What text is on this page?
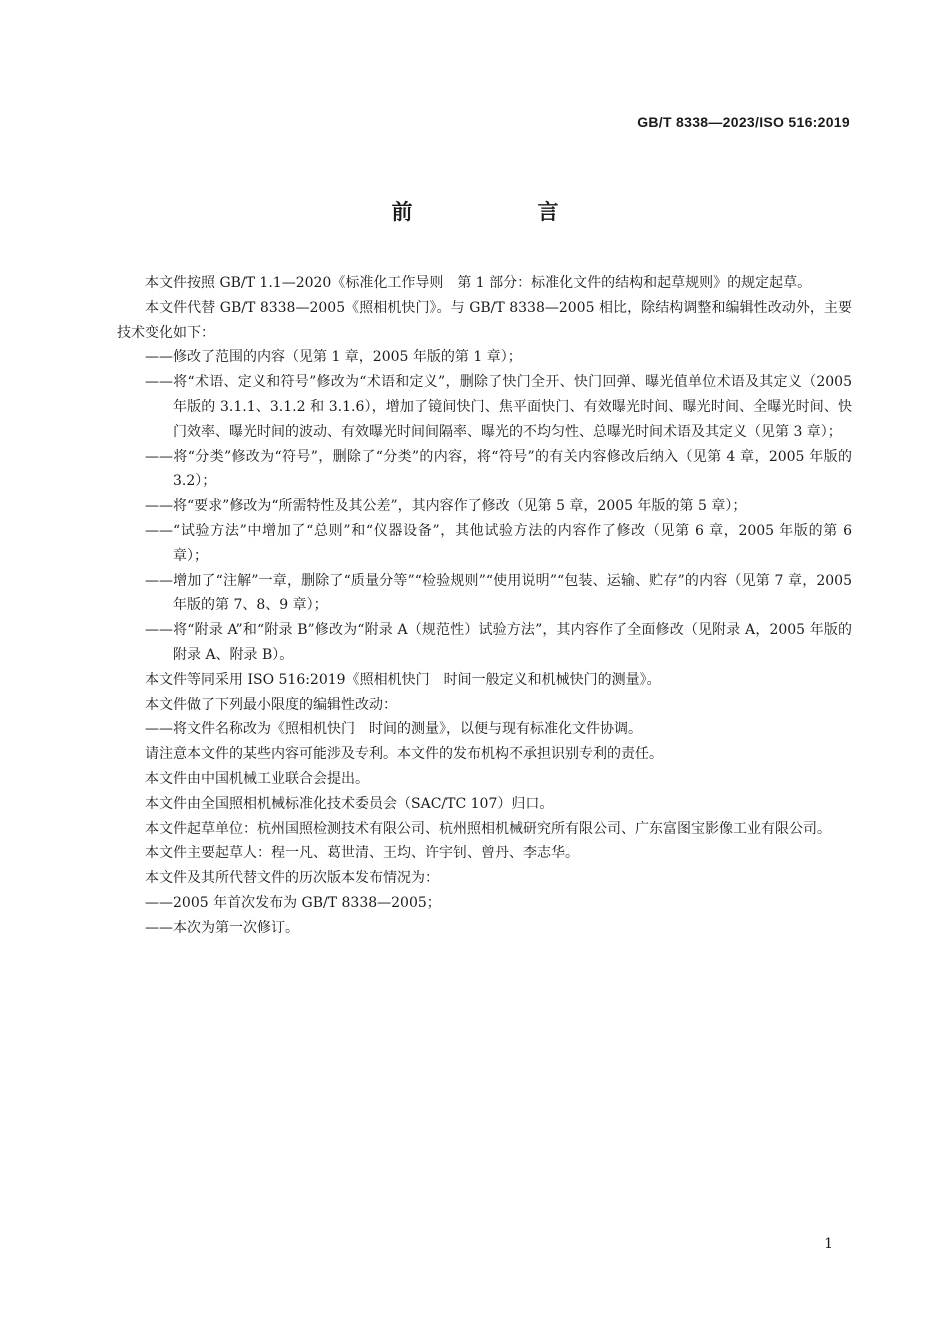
GB/T 8338—2023/ISO 516:2019
前　言

本文件按照 GB/T 1.1—2020《标准化工作导则　第 1 部分：标准化文件的结构和起草规则》的规定起草。

本文件代替 GB/T 8338—2005《照相机快门》。与 GB/T 8338—2005 相比，除结构调整和编辑性改动外，主要技术变化如下：

——修改了范围的内容（见第 1 章，2005 年版的第 1 章）；

——将“术语、定义和符号”修改为“术语和定义”，删除了快门全开、快门回弹、曝光值单位术语及其定义（2005 年版的 3.1.1、3.1.2 和 3.1.6），增加了镜间快门、焦平面快门、有效曝光时间、曝光时间、全曝光时间、快门效率、曝光时间的波动、有效曝光时间间隔率、曝光的不均匀性、总曝光时间术语及其定义（见第 3 章）；

——将“分类”修改为“符号”，删除了“分类”的内容，将“符号”的有关内容修改后纳入（见第 4 章，2005 年版的 3.2）；

——将“要求”修改为“所需特性及其公差”，其内容作了修改（见第 5 章，2005 年版的第 5 章）；

——“试验方法”中增加了“总则”和“仪器设备”，其他试验方法的内容作了修改（见第 6 章，2005 年版的第 6 章）；

——增加了“注解”一章，删除了“质量分等”“检验规则”“使用说明”“包装、运输、贮存”的内容（见第 7 章，2005 年版的第 7、8、9 章）；

——将“附录 A”和“附录 B”修改为“附录 A（规范性）试验方法”，其内容作了全面修改（见附录 A，2005 年版的附录 A、附录 B）。

本文件等同采用 ISO 516:2019《照相机快门　时间一般定义和机械快门的测量》。

本文件做了下列最小限度的编辑性改动：

——将文件名称改为《照相机快门　时间的测量》，以便与现有标准化文件协调。

请注意本文件的某些内容可能涉及专利。本文件的发布机构不承担识别专利的责任。

本文件由中国机械工业联合会提出。

本文件由全国照相机械标准化技术委员会（SAC/TC 107）归口。

本文件起草单位：杭州国照检测技术有限公司、杭州照相机械研究所有限公司、广东富图宝影像工业有限公司。

本文件主要起草人：程一凡、葛世清、王均、许宇钊、曾丹、李志华。

本文件及其所代替文件的历次版本发布情况为：

——2005 年首次发布为 GB/T 8338—2005；

——本次为第一次修订。

1
